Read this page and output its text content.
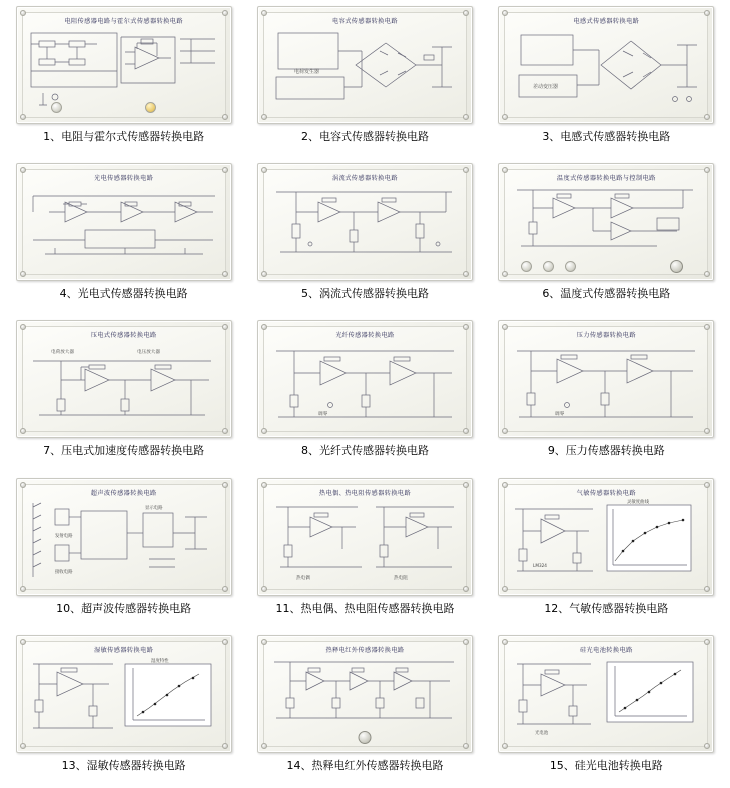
电阻传感器电路与霍尔式传感器转换电路
1、电阻与霍尔式传感器转换电路
电容式传感器转换电路
电荷发生器
2、电容式传感器转换电路
电感式传感器转换电路
差动变压器
3、电感式传感器转换电路
光电传感器转换电路
4、光电式传感器转换电路
涡流式传感器转换电路
5、涡流式传感器转换电路
温度式传感器转换电路与控制电路
6、温度式传感器转换电路
压电式传感器转换电路
电荷放大器	电压放大器
7、压电式加速度传感器转换电路
光纤传感器转换电路
调零
8、光纤式传感器转换电路
压力传感器转换电路
调零
9、压力传感器转换电路
超声波传感器转换电路
发射电路
接收电路
显示电路
10、超声波传感器转换电路
热电偶、热电阻传感器转换电路
热电偶	热电阻
11、热电偶、热电阻传感器转换电路
气敏传感器转换电路
灵敏度曲线
LM324
12、气敏传感器转换电路
湿敏传感器转换电路
湿度特性
13、湿敏传感器转换电路
热释电红外传感器转换电路
14、热释电红外传感器转换电路
硅光电池转换电路
光电池
15、硅光电池转换电路
